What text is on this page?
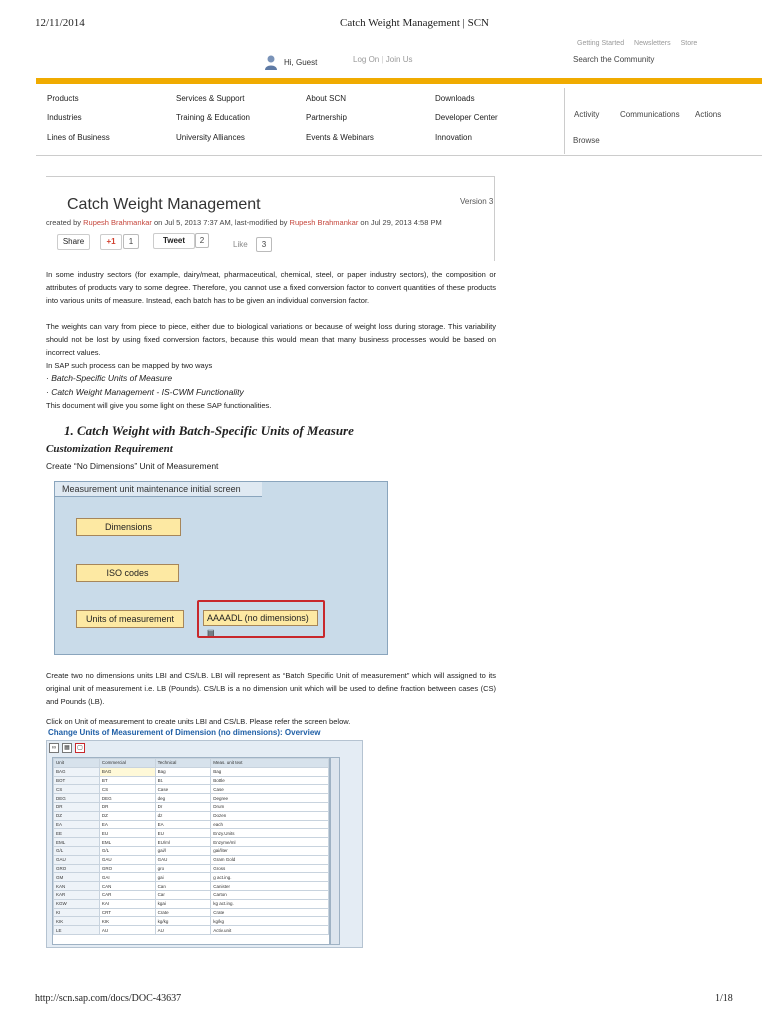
12/11/2014	Catch Weight Management | SCN
Getting Started Newsletters Store
Search the Community
Hi, Guest	Log On | Join Us
Products
Industries
Lines of Business
Services & Support
Training & Education
University Alliances
About SCN
Partnership
Events & Webinars
Downloads
Developer Center
Innovation
Activity	Communications Actions
Browse
Catch Weight Management	Version 3
created by Rupesh Brahmankar on Jul 5, 2013 7:37 AM, last-modified by Rupesh Brahmankar on Jul 29, 2013 4:58 PM
Share	+1	1	Tweet	2	Like	3
In some industry sectors (for example, dairy/meat, pharmaceutical, chemical, steel, or paper industry sectors), the composition or attributes of products vary to some degree. Therefore, you cannot use a fixed conversion factor to convert quantities of these products into various units of measure. Instead, each batch has to be given an individual conversion factor.
The weights can vary from piece to piece, either due to biological variations or because of weight loss during storage. This variability should not be lost by using fixed conversion factors, because this would mean that many business processes would be based on incorrect values.
In SAP such process can be mapped by two ways
· Batch-Specific Units of Measure
· Catch Weight Management - IS-CWM Functionality
This document will give you some light on these SAP functionalities.
1. Catch Weight with Batch-Specific Units of Measure
Customization Requirement
Create “No Dimensions” Unit of Measurement
Measurement unit maintenance initial screen
Dimensions
ISO codes
Units of measurement	AAAADL (no dimensions) ▤
Create two no dimensions units LBI and CS/LB. LBI will represent as “Batch Specific Unit of measurement” which will assigned to its original unit of measurement i.e. LB (Pounds). CS/LB is a no dimension unit which will be used to define fraction between cases (CS) and Pounds (LB).
Click on Unit of measurement to create units LBI and CS/LB. Please refer the screen below.
Change Units of Measurement of Dimension (no dimensions): Overview
∞	▦	▢
Unit	Commercial	Technical	Meas. unit text
BAG	BAG	Bag	Bag
BOT	BT	Bt.	Bottle
CS	CS	Case	Case
DEG	DEG	deg	Degree
DR	DR	Dr	Drum
DZ	DZ	dz	Dozen
EA	EA	EA	each
EE	EU	EU	Enzy.Units
EML	EML	EU/ml	Enzyme/ml
G/L	G/L	gai/l	gai/liter
GAU	GAU	GAU	Gram Gold
GRO	GRO	gro	Gross
GM	GAI	gai	g act.ing.
KAN	CAN	Can	Canister
KAR	CAR	Car	Carton
KGW	KAI	kgai	kg act.ing.
KI	CRT	Crate	Crate
KIK	KIK	kg/kg	kg/kg
LE	AU	AU	Activ.unit
http://scn.sap.com/docs/DOC-43637	1/18
